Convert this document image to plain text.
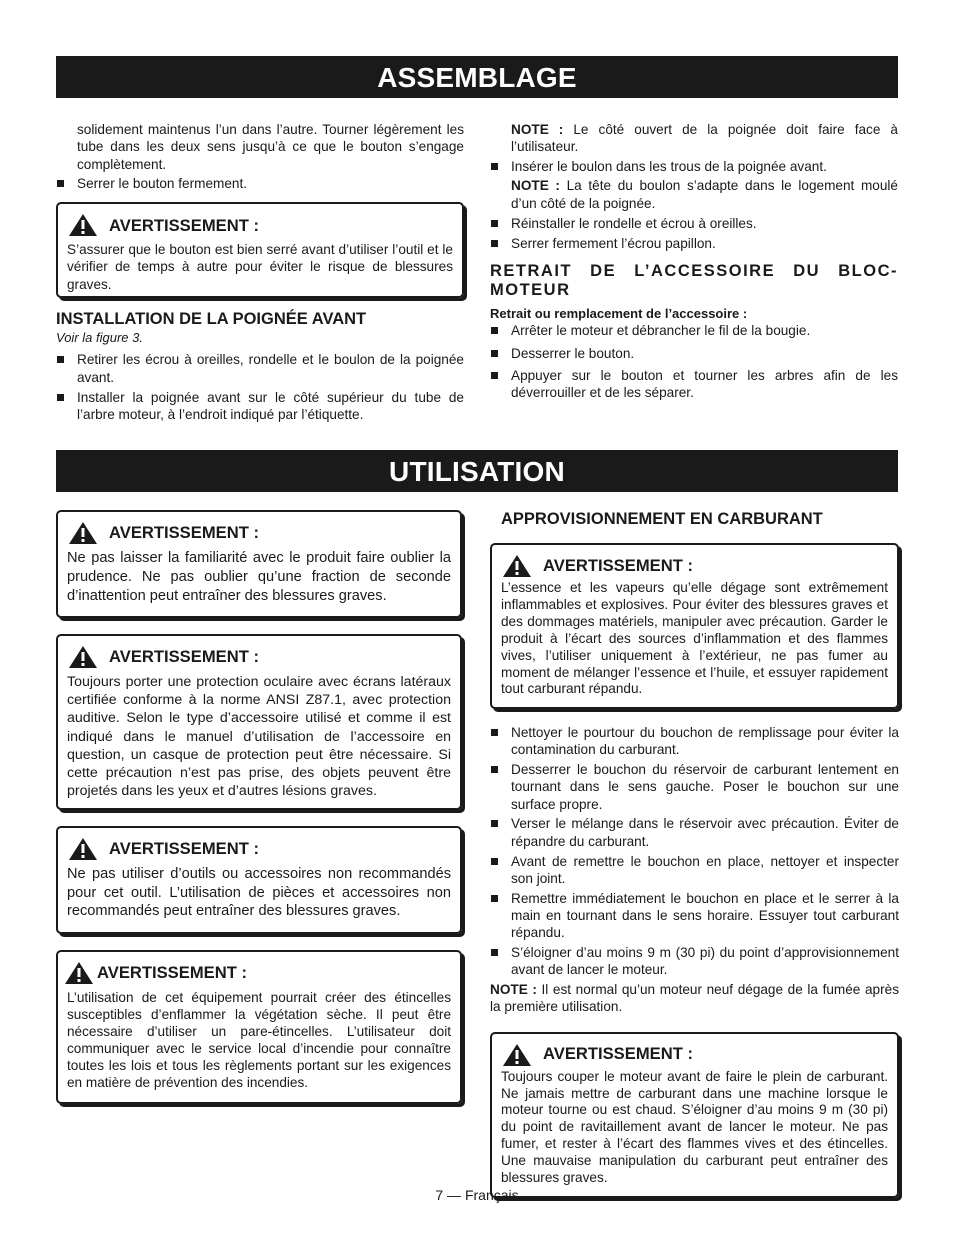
ASSEMBLAGE

solidement maintenus l’un dans l’autre. Tourner légèrement les tube dans les deux sens jusqu’à ce que le bouton s’engage complètement.

Serrer le bouton fermement.
AVERTISSEMENT :

S’assurer que le bouton est bien serré avant d’utiliser l’outil et le vérifier de temps à autre pour éviter le risque de blessures graves.

INSTALLATION DE LA POIGNÉE AVANT

Voir la figure 3.

Retirer les écrou à oreilles, rondelle et le boulon de la poignée avant.
Installer la poignée avant sur le côté supérieur du tube de l’arbre moteur, à l’endroit indiqué par l’étiquette.

NOTE : Le côté ouvert de la poignée doit faire face à l’utilisateur.

Insérer le boulon dans les trous de la poignée avant.

NOTE : La tête du boulon s’adapte dans le logement moulé d’un côté de la poignée.

Réinstaller le rondelle et écrou à oreilles.
Serrer fermement l’écrou papillon.
RETRAIT DE L’ACCESSOIRE DU BLOC-MOTEUR

Retrait ou remplacement de l’accessoire :

Arrêter le moteur et débrancher le fil de la bougie.
Desserrer le bouton.
Appuyer sur le bouton et tourner les arbres afin de les déverrouiller et de les séparer.
UTILISATION
AVERTISSEMENT :

Ne pas laisser la familiarité avec le produit faire oublier la prudence. Ne pas oublier qu’une fraction de seconde d’inattention peut entraîner des blessures graves.

AVERTISSEMENT :

Toujours porter une protection oculaire avec écrans latéraux certifiée conforme à la norme ANSI Z87.1, avec protection auditive. Selon le type d’accessoire utilisé et comme il est indiqué dans le manuel d’utilisation de l’accessoire en question, un casque de protection peut être nécessaire. Si cette précaution n’est pas prise, des objets peuvent être projetés dans les yeux et d’autres lésions graves.

AVERTISSEMENT :

Ne pas utiliser d’outils ou accessoires non recommandés pour cet outil. L’utilisation de pièces et accessoires non recommandés peut entraîner des blessures graves.

AVERTISSEMENT :

L’utilisation de cet équipement pourrait créer des étincelles susceptibles d’enflammer la végétation sèche. Il peut être nécessaire d’utiliser un pare-étincelles. L’utilisateur doit communiquer avec le service local d’incendie pour connaître toutes les lois et tous les règlements portant sur les exigences en matière de prévention des incendies.

APPROVISIONNEMENT EN CARBURANT
AVERTISSEMENT :

L’essence et les vapeurs qu’elle dégage sont extrêmement inflammables et explosives. Pour éviter des blessures graves et des dommages matériels, manipuler avec précaution. Garder le produit à l’écart des sources d’inflammation et des flammes vives, l’utiliser uniquement à l’extérieur, ne pas fumer au moment de mélanger l’essence et l’huile, et essuyer rapidement tout carburant répandu.

Nettoyer le pourtour du bouchon de remplissage pour éviter la contamination du carburant.
Desserrer le bouchon du réservoir de carburant lentement en tournant dans le sens gauche. Poser le bouchon sur une surface propre.
Verser le mélange dans le réservoir avec précaution. Éviter de répandre du carburant.
Avant de remettre le bouchon en place, nettoyer et inspecter son joint.
Remettre immédiatement le bouchon en place et le serrer à la main en tournant dans le sens horaire. Essuyer tout carburant répandu.
S’éloigner d’au moins 9 m (30 pi) du point d’approvisionnement avant de lancer le moteur.

NOTE : Il est normal qu’un moteur neuf dégage de la fumée après la première utilisation.

AVERTISSEMENT :

Toujours couper le moteur avant de faire le plein de carburant. Ne jamais mettre de carburant dans une machine lorsque le moteur tourne ou est chaud. S’éloigner d’au moins 9 m (30 pi) du point de ravitaillement avant de lancer le moteur. Ne pas fumer, et rester à l’écart des flammes vives et des étincelles. Une mauvaise manipulation du carburant peut entraîner des blessures graves.

7 — Français
